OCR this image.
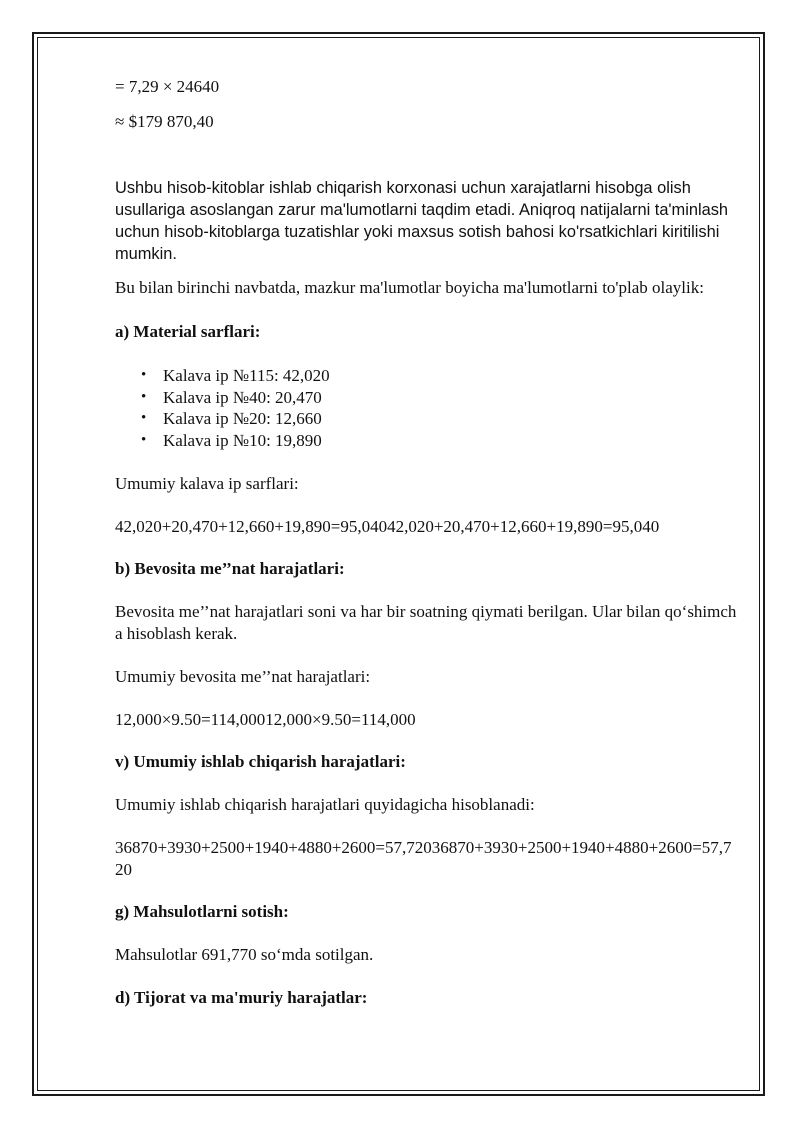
= 7,29 × 24640

≈ $179 870,40

Ushbu hisob-kitoblar ishlab chiqarish korxonasi uchun xarajatlarni hisobga olish usullariga asoslangan zarur ma'lumotlarni taqdim etadi. Aniqroq natijalarni ta'minlash uchun hisob-kitoblarga tuzatishlar yoki maxsus sotish bahosi ko'rsatkichlari kiritilishi mumkin.

Bu bilan birinchi navbatda, mazkur ma'lumotlar boyicha ma'lumotlarni to'plab olaylik:

a) Material sarflari:

• Kalava ip №115: 42,020
• Kalava ip №40: 20,470
• Kalava ip №20: 12,660
• Kalava ip №10: 19,890

Umumiy kalava ip sarflari:

42,020+20,470+12,660+19,890=95,04042,020+20,470+12,660+19,890=95,040

b) Bevosita me’’nat harajatlari:

Bevosita me’’nat harajatlari soni va har bir soatning qiymati berilgan. Ular bilan qo‘shimcha hisoblash kerak.

Umumiy bevosita me’’nat harajatlari:

12,000×9.50=114,00012,000×9.50=114,000

v) Umumiy ishlab chiqarish harajatlari:

Umumiy ishlab chiqarish harajatlari quyidagicha hisoblanadi:

36870+3930+2500+1940+4880+2600=57,72036870+3930+2500+1940+4880+2600=57,720

g) Mahsulotlarni sotish:

Mahsulotlar 691,770 so‘mda sotilgan.

d) Tijorat va ma'muriy harajatlar:
